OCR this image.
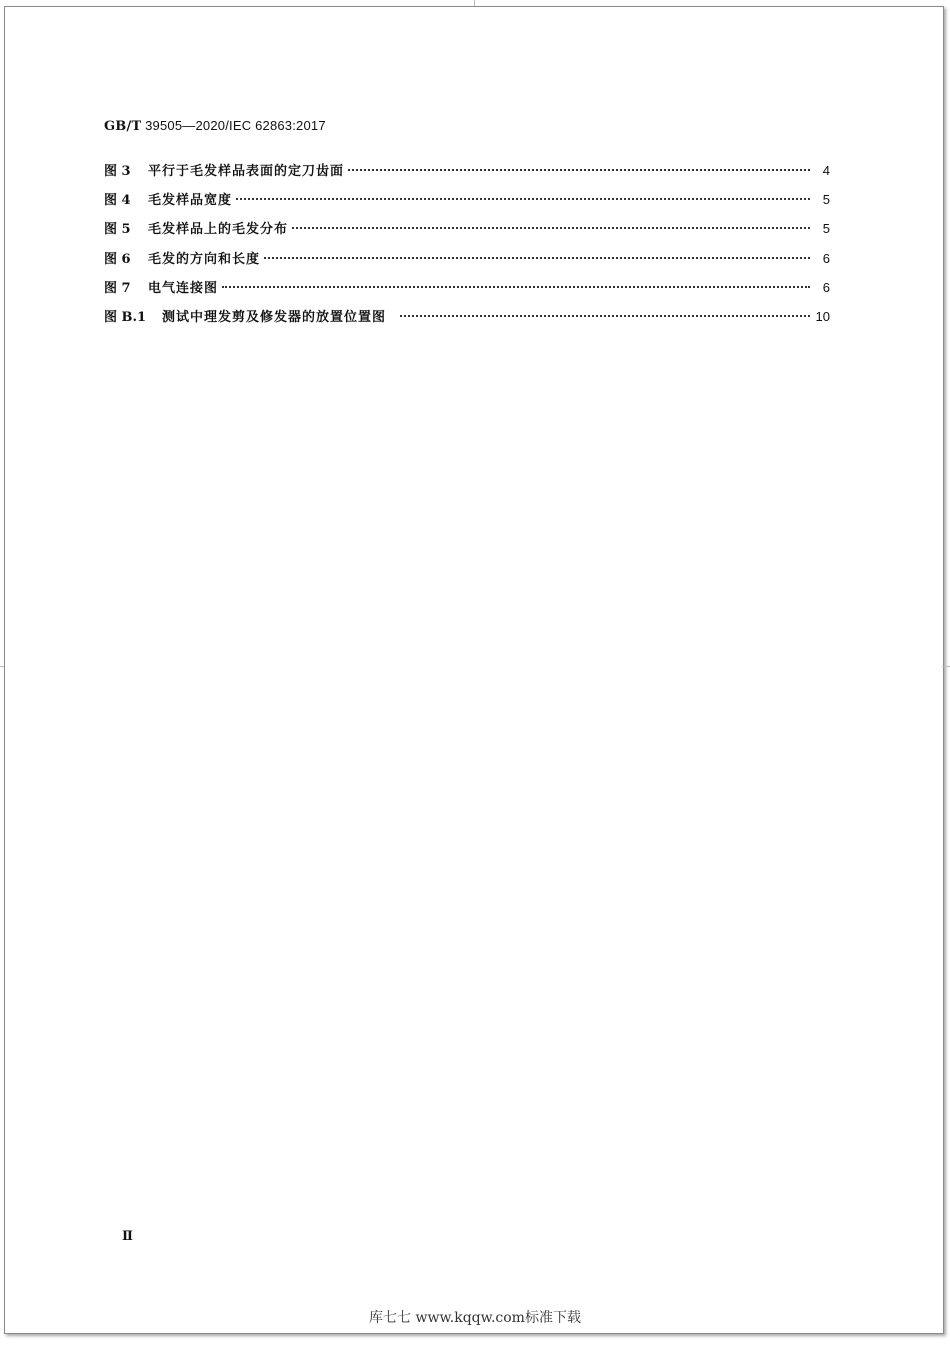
GB/T 39505—2020/IEC 62863:2017
图 3 平行于毛发样品表面的定刀齿面	4
图 4 毛发样品宽度	5
图 5 毛发样品上的毛发分布	5
图 6 毛发的方向和长度	6
图 7 电气连接图	6
图 B.1 测试中理发剪及修发器的放置位置图	10
Ⅱ
库七七 www.kqqw.com标准下载
